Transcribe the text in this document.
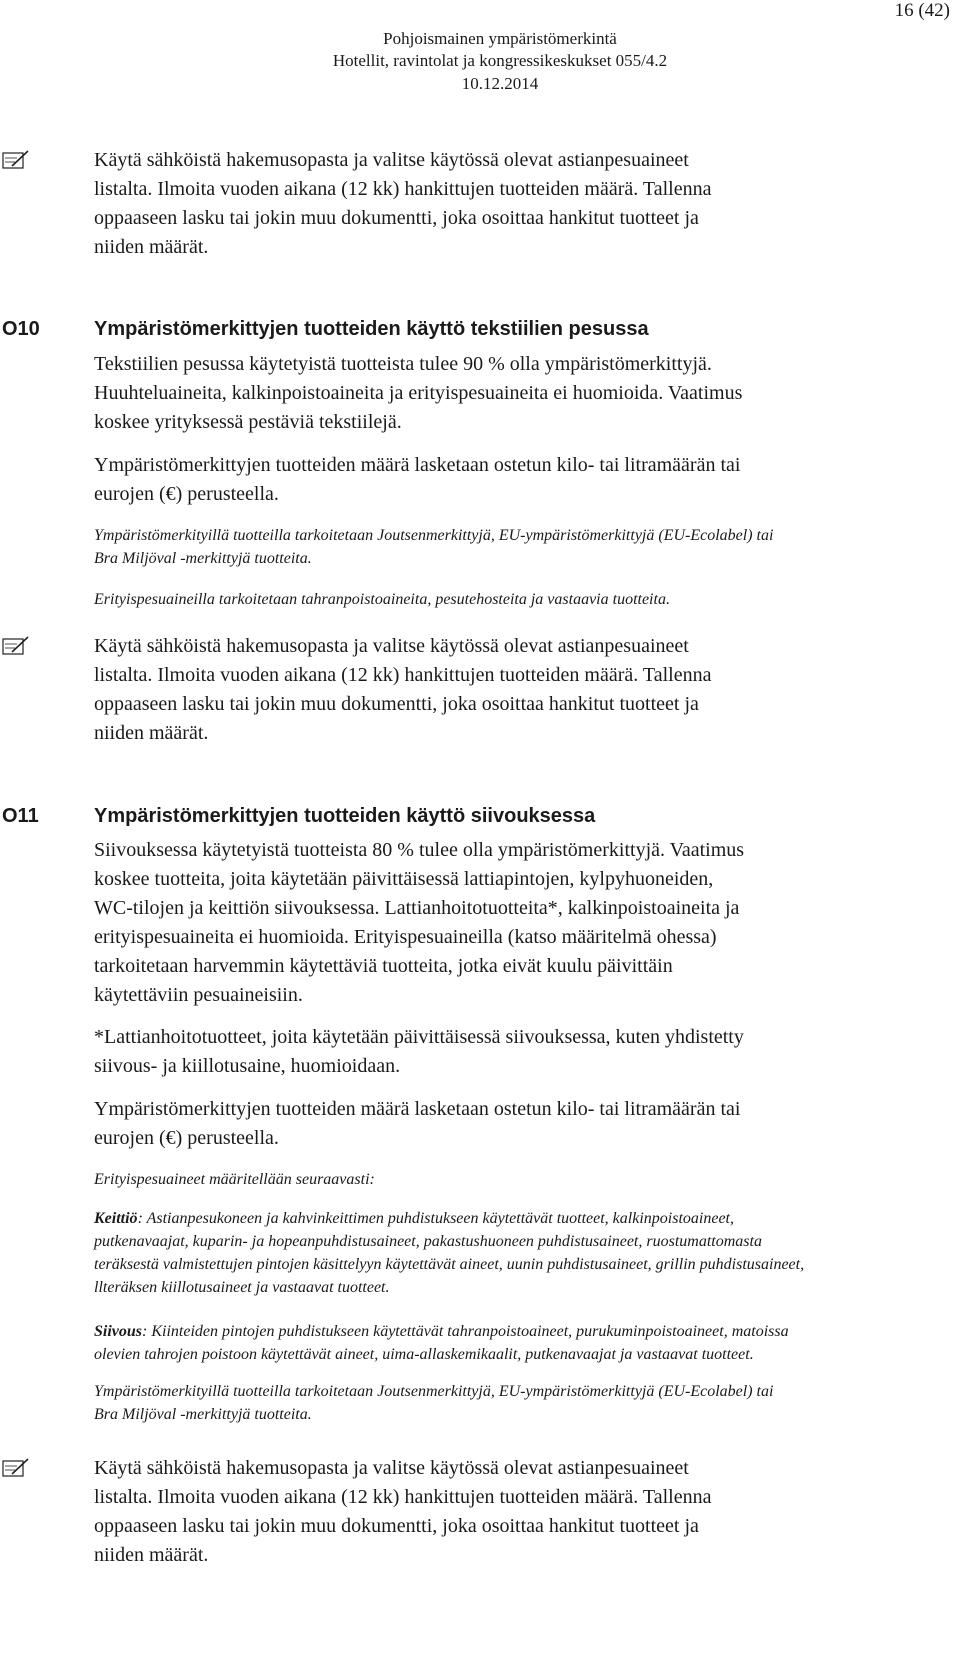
16 (42)
Pohjoismainen ympäristömerkintä
Hotellit, ravintolat ja kongressikeskukset 055/4.2
10.12.2014
Käytä sähköistä hakemusopasta ja valitse käytössä olevat astianpesuaineet
listalta. Ilmoita vuoden aikana (12 kk) hankittujen tuotteiden määrä. Tallenna
oppaaseen lasku tai jokin muu dokumentti, joka osoittaa hankitut tuotteet ja
niiden määrät.
O10	Ympäristömerkittyjen tuotteiden käyttö tekstiilien pesussa
Tekstiilien pesussa käytetyistä tuotteista tulee 90 % olla ympäristömerkittyjä.
Huuhteluaineita, kalkinpoistoaineita ja erityispesuaineita ei huomioida. Vaatimus
koskee yrityksessä pestäviä tekstiilejä.
Ympäristömerkittyjen tuotteiden määrä lasketaan ostetun kilo- tai litramäärän tai
eurojen (€) perusteella.
Ympäristömerkityillä tuotteilla tarkoitetaan Joutsenmerkittyjä, EU-ympäristömerkittyjä (EU-Ecolabel) tai
Bra Miljöval -merkittyjä tuotteita.
Erityispesuaineilla tarkoitetaan tahranpoistoaineita, pesutehosteita ja vastaavia tuotteita.
Käytä sähköistä hakemusopasta ja valitse käytössä olevat astianpesuaineet
listalta. Ilmoita vuoden aikana (12 kk) hankittujen tuotteiden määrä. Tallenna
oppaaseen lasku tai jokin muu dokumentti, joka osoittaa hankitut tuotteet ja
niiden määrät.
O11	Ympäristömerkittyjen tuotteiden käyttö siivouksessa
Siivouksessa käytetyistä tuotteista 80 % tulee olla ympäristömerkittyjä. Vaatimus
koskee tuotteita, joita käytetään päivittäisessä lattiapintojen, kylpyhuoneiden,
WC-tilojen ja keittiön siivouksessa. Lattianhoitotuotteita*, kalkinpoistoaineita ja
erityispesuaineita ei huomioida. Erityispesuaineilla (katso määritelmä ohessa)
tarkoitetaan harvemmin käytettäviä tuotteita, jotka eivät kuulu päivittäin
käytettäviin pesuaineisiin.
*Lattianhoitotuotteet, joita käytetään päivittäisessä siivouksessa, kuten yhdistetty
siivous- ja kiillotusaine, huomioidaan.
Ympäristömerkittyjen tuotteiden määrä lasketaan ostetun kilo- tai litramäärän tai
eurojen (€) perusteella.
Erityispesuaineet määritellään seuraavasti:
Keittiö: Astianpesukoneen ja kahvinkeittimen puhdistukseen käytettävät tuotteet, kalkinpoistoaineet,
putkenavaajat, kuparin- ja hopeanpuhdistusaineet, pakastushuoneen puhdistusaineet, ruostumattomasta
teräksestä valmistettujen pintojen käsittelyyn käytettävät aineet, uunin puhdistusaineet, grillin puhdistusaineet,
llteräksen kiillotusaineet ja vastaavat tuotteet.
Siivous: Kiinteiden pintojen puhdistukseen käytettävät tahranpoistoaineet, purukuminpoistoaineet, matoissa
olevien tahrojen poistoon käytettävät aineet, uima-allaskemikaalit, putkenavaajat ja vastaavat tuotteet.
Ympäristömerkityillä tuotteilla tarkoitetaan Joutsenmerkittyjä, EU-ympäristömerkittyjä (EU-Ecolabel) tai
Bra Miljöval -merkittyjä tuotteita.
Käytä sähköistä hakemusopasta ja valitse käytössä olevat astianpesuaineet
listalta. Ilmoita vuoden aikana (12 kk) hankittujen tuotteiden määrä. Tallenna
oppaaseen lasku tai jokin muu dokumentti, joka osoittaa hankitut tuotteet ja
niiden määrät.
